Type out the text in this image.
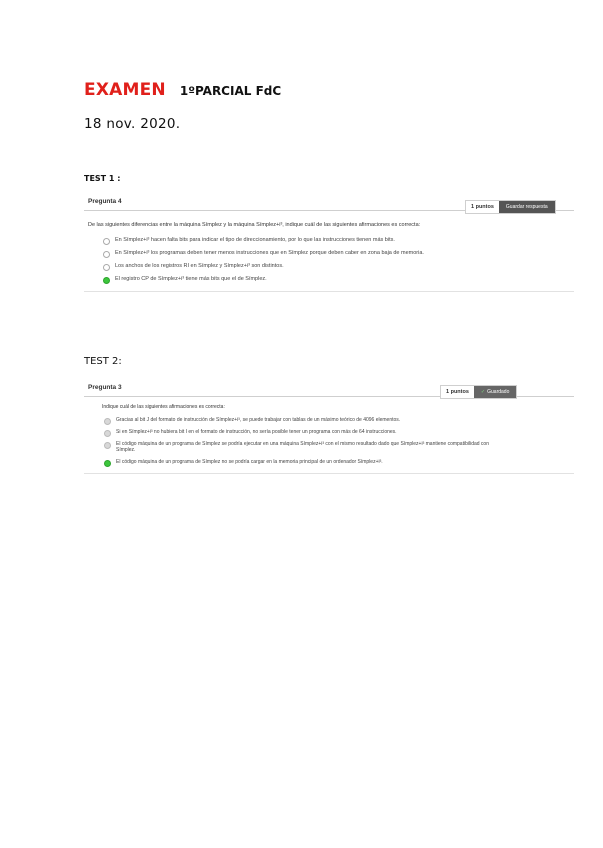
EXAMEN 1ºPARCIAL FdC
18 nov. 2020.
TEST 1 :
Pregunta 4
1 puntos	Guardar respuesta
De las siguientes diferencias entre la máquina Símplez y la máquina Símplez+i³, indique cuál de las siguientes afirmaciones es correcta:
En Símplez+i³ hacen falta bits para indicar el tipo de direccionamiento, por lo que las instrucciones tienen más bits.
En Símplez+i³ los programas deben tener menos instrucciones que en Símplez porque deben caber en zona baja de memoria.
Los anchos de los registros RI en Símplez y Símplez+i³ son distintos.
El registro CP de Símplez+i³ tiene más bits que el de Símplez.
TEST 2:
Pregunta 3
1 puntos	✓ Guardado
Indique cuál de las siguientes afirmaciones es correcta:
Gracias al bit J del formato de instrucción de Símplez+i³, se puede trabajar con tablas de un máximo teórico de 4096 elementos.
Si en Símplez+i³ no hubiera bit I en el formato de instrucción, no sería posible tener un programa con más de 64 instrucciones.
El código máquina de un programa de Símplez se podría ejecutar en una máquina Símplez+i³ con el mismo resultado dado que Símplez+i³ mantiene compatibilidad con Símplez.
El código máquina de un programa de Símplez no se podría cargar en la memoria principal de un ordenador Símplez+i³.
